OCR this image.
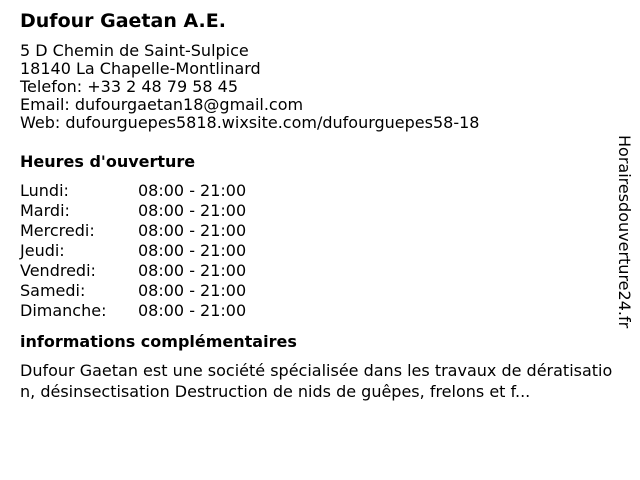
Dufour Gaetan A.E.
5 D Chemin de Saint-Sulpice
18140 La Chapelle-Montlinard
Telefon: +33 2 48 79 58 45
Email: dufourgaetan18@gmail.com
Web: dufourguepes5818.wixsite.com/dufourguepes58-18
Heures d'ouverture
Lundi:	08:00 - 21:00
Mardi:	08:00 - 21:00
Mercredi:	08:00 - 21:00
Jeudi:	08:00 - 21:00
Vendredi:	08:00 - 21:00
Samedi:	08:00 - 21:00
Dimanche:	08:00 - 21:00
informations complémentaires
Dufour Gaetan est une société spécialisée dans les travaux de dératisation, désinsectisation Destruction de nids de guêpes, frelons et f...
Horairesdouverture24.fr
